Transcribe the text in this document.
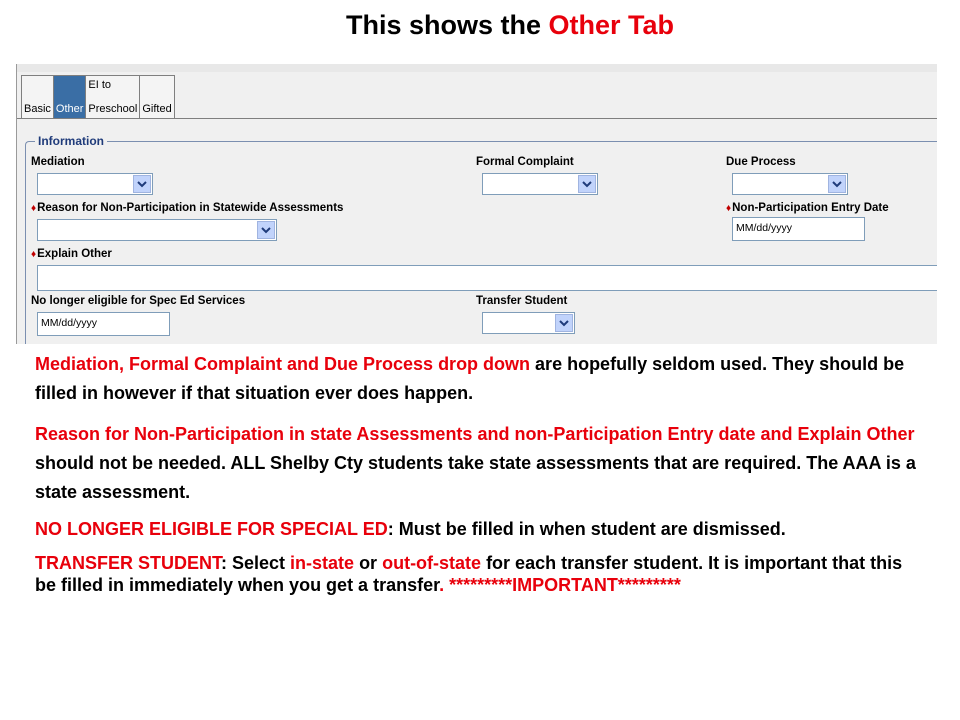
This shows the Other Tab
Basic Other
EI to
Preschool Gifted
Information
Mediation	Formal Complaint	Due Process
♦Reason for Non-Participation in Statewide Assessments	♦Non-Participation Entry Date
MM/dd/yyyy
♦Explain Other
No longer eligible for Spec Ed Services
MM/dd/yyyy
Transfer Student

Mediation, Formal Complaint and Due Process drop down are hopefully seldom used. They should be filled in however if that situation ever does happen.

Reason for Non-Participation in state Assessments and non-Participation Entry date and Explain Other should not be needed. ALL Shelby Cty students take state assessments that are required. The AAA is a state assessment.

NO LONGER ELIGIBLE FOR SPECIAL ED: Must be filled in when student are dismissed.

TRANSFER STUDENT: Select in-state or out-of-state for each transfer student. It is important that this be filled in immediately when you get a transfer. *********IMPORTANT*********
